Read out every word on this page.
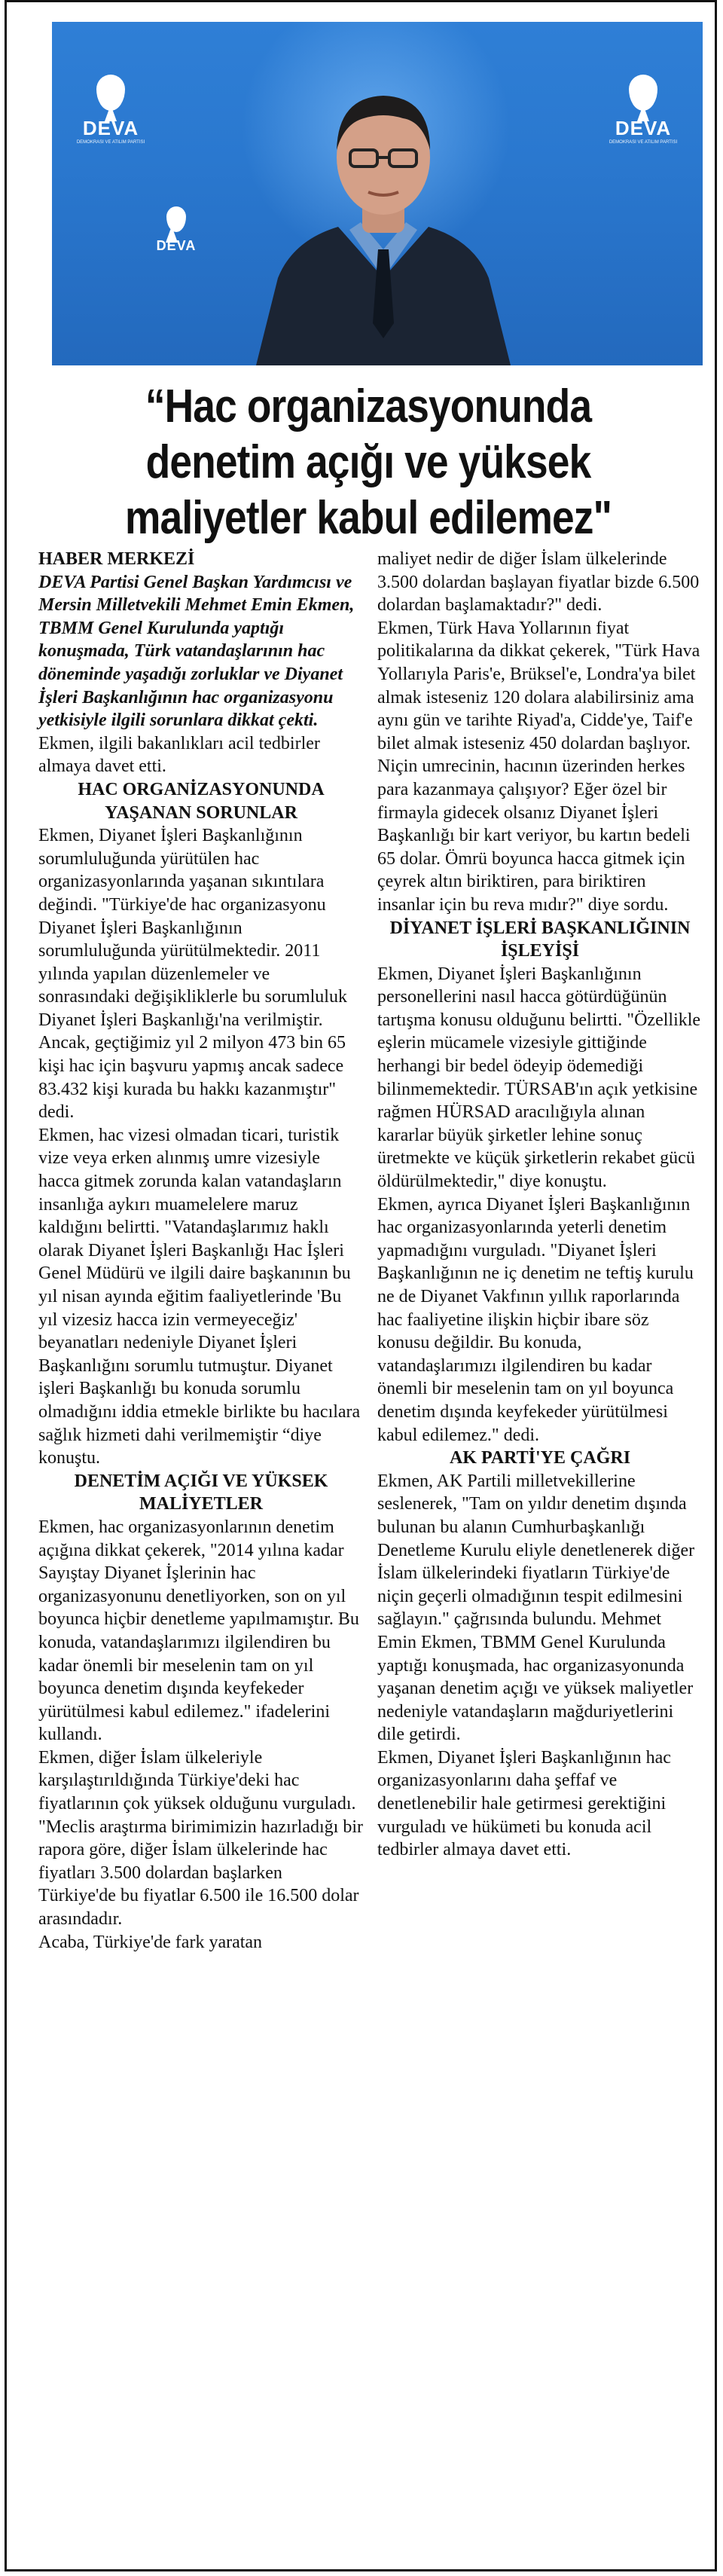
DEVA
DEMOKRASİ VE ATILIM PARTİSİ
DEVA
DEMOKRASİ VE ATILIM PARTİSİ
DEVA
“Hac organizasyonunda denetim açığı ve yüksek maliyetler kabul edilemez"

HABER MERKEZİ

DEVA Partisi Genel Başkan Yardımcısı ve Mersin Milletvekili Mehmet Emin Ekmen, TBMM Genel Kurulunda yaptığı konuşmada, Türk vatandaşlarının hac döneminde yaşadığı zorluklar ve Diyanet İşleri Başkanlığının hac organizasyonu yetkisiyle ilgili sorunlara dikkat çekti.

Ekmen, ilgili bakanlıkları acil tedbirler almaya davet etti.

HAC ORGANİZASYONUNDA YAŞANAN SORUNLAR

Ekmen, Diyanet İşleri Başkanlığının sorumluluğunda yürütülen hac organizasyonlarında yaşanan sıkıntılara değindi. "Türkiye'de hac organizasyonu Diyanet İşleri Başkanlığının sorumluluğunda yürütülmektedir. 2011 yılında yapılan düzenlemeler ve sonrasındaki değişikliklerle bu sorumluluk Diyanet İşleri Başkanlığı'na verilmiştir. Ancak, geçtiğimiz yıl 2 milyon 473 bin 65 kişi hac için başvuru yapmış ancak sadece 83.432 kişi kurada bu hakkı kazanmıştır" dedi.

Ekmen, hac vizesi olmadan ticari, turistik vize veya erken alınmış umre vizesiyle hacca gitmek zorunda kalan vatandaşların insanlığa aykırı muamelelere maruz kaldığını belirtti. "Vatandaşlarımız haklı olarak Diyanet İşleri Başkanlığı Hac İşleri Genel Müdürü ve ilgili daire başkanının bu yıl nisan ayında eğitim faaliyetlerinde 'Bu yıl vizesiz hacca izin vermeyeceğiz' beyanatları nedeniyle Diyanet İşleri Başkanlığını sorumlu tutmuştur. Diyanet işleri Başkanlığı bu konuda sorumlu olmadığını iddia etmekle birlikte bu hacılara sağlık hizmeti dahi verilmemiştir “diye konuştu.

DENETİM AÇIĞI VE YÜKSEK MALİYETLER

Ekmen, hac organizasyonlarının denetim açığına dikkat çekerek, "2014 yılına kadar Sayıştay Diyanet İşlerinin hac organizasyonunu denetliyorken, son on yıl boyunca hiçbir denetleme yapılmamıştır. Bu konuda, vatandaşlarımızı ilgilendiren bu kadar önemli bir meselenin tam on yıl boyunca denetim dışında keyfekeder yürütülmesi kabul edilemez." ifadelerini kullandı.

Ekmen, diğer İslam ülkeleriyle karşılaştırıldığında Türkiye'deki hac fiyatlarının çok yüksek olduğunu vurguladı. "Meclis araştırma birimimizin hazırladığı bir rapora göre, diğer İslam ülkelerinde hac fiyatları 3.500 dolardan başlarken Türkiye'de bu fiyatlar 6.500 ile 16.500 dolar arasındadır.

Acaba, Türkiye'de fark yaratan

maliyet nedir de diğer İslam ülkelerinde 3.500 dolardan başlayan fiyatlar bizde 6.500 dolardan başlamaktadır?" dedi.

Ekmen, Türk Hava Yollarının fiyat politikalarına da dikkat çekerek, "Türk Hava Yollarıyla Paris'e, Brüksel'e, Londra'ya bilet almak isteseniz 120 dolara alabilirsiniz ama aynı gün ve tarihte Riyad'a, Cidde'ye, Taif'e bilet almak isteseniz 450 dolardan başlıyor. Niçin umrecinin, hacının üzerinden herkes para kazanmaya çalışıyor? Eğer özel bir firmayla gidecek olsanız Diyanet İşleri Başkanlığı bir kart veriyor, bu kartın bedeli 65 dolar. Ömrü boyunca hacca gitmek için çeyrek altın biriktiren, para biriktiren insanlar için bu reva mıdır?" diye sordu.

DİYANET İŞLERİ BAŞKANLIĞININ İŞLEYİŞİ

Ekmen, Diyanet İşleri Başkanlığının personellerini nasıl hacca götürdüğünün tartışma konusu olduğunu belirtti. "Özellikle eşlerin mücamele vizesiyle gittiğinde herhangi bir bedel ödeyip ödemediği bilinmemektedir. TÜRSAB'ın açık yetkisine rağmen HÜRSAD aracılığıyla alınan kararlar büyük şirketler lehine sonuç üretmekte ve küçük şirketlerin rekabet gücü öldürülmektedir," diye konuştu.

Ekmen, ayrıca Diyanet İşleri Başkanlığının hac organizasyonlarında yeterli denetim yapmadığını vurguladı. "Diyanet İşleri Başkanlığının ne iç denetim ne teftiş kurulu ne de Diyanet Vakfının yıllık raporlarında hac faaliyetine ilişkin hiçbir ibare söz konusu değildir. Bu konuda, vatandaşlarımızı ilgilendiren bu kadar önemli bir meselenin tam on yıl boyunca denetim dışında keyfekeder yürütülmesi kabul edilemez." dedi.

AK PARTİ'YE ÇAĞRI

Ekmen, AK Partili milletvekillerine seslenerek, "Tam on yıldır denetim dışında bulunan bu alanın Cumhurbaşkanlığı Denetleme Kurulu eliyle denetlenerek diğer İslam ülkelerindeki fiyatların Türkiye'de niçin geçerli olmadığının tespit edilmesini sağlayın." çağrısında bulundu. Mehmet Emin Ekmen, TBMM Genel Kurulunda yaptığı konuşmada, hac organizasyonunda yaşanan denetim açığı ve yüksek maliyetler nedeniyle vatandaşların mağduriyetlerini dile getirdi.

Ekmen, Diyanet İşleri Başkanlığının hac organizasyonlarını daha şeffaf ve denetlenebilir hale getirmesi gerektiğini vurguladı ve hükümeti bu konuda acil tedbirler almaya davet etti.
